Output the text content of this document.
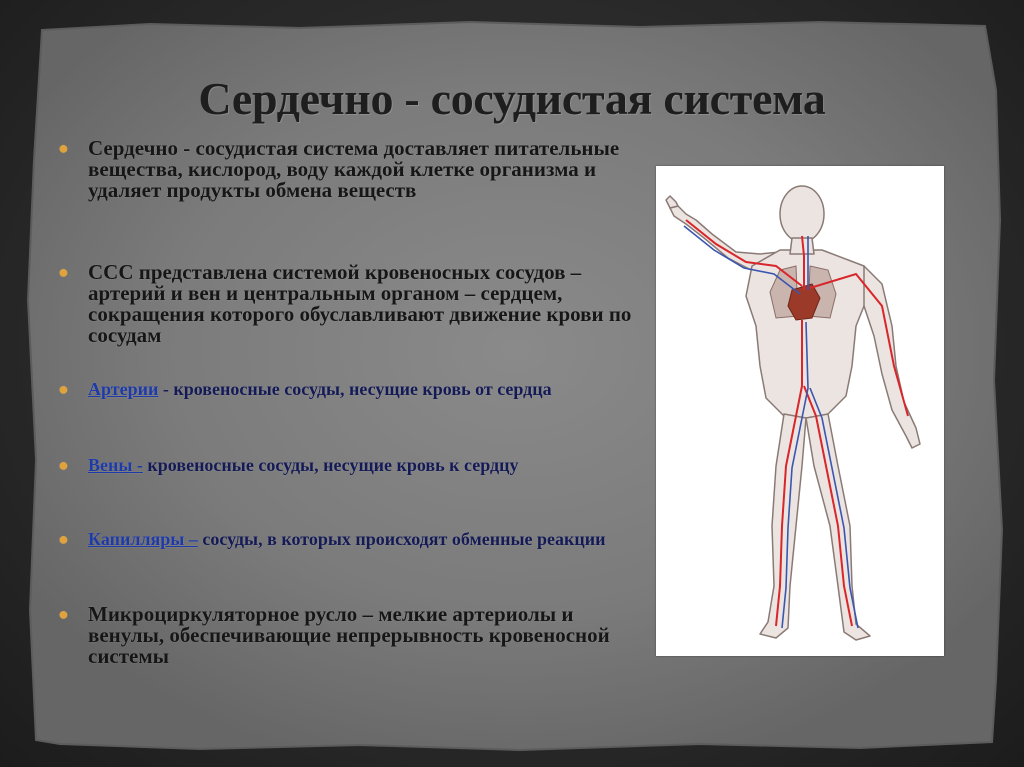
Сердечно - сосудистая система
● Сердечно - сосудистая система доставляет питательные вещества, кислород, воду каждой клетке организма и удаляет продукты обмена веществ
● ССС представлена системой кровеносных сосудов – артерий и вен и центральным органом – сердцем, сокращения которого обуславливают движение крови по сосудам
● Артерии - кровеносные сосуды, несущие кровь от сердца
● Вены - кровеносные сосуды, несущие кровь к сердцу
● Капилляры – сосуды, в которых происходят обменные реакции
● Микроциркуляторное русло – мелкие артериолы и венулы, обеспечивающие непрерывность кровеносной системы
